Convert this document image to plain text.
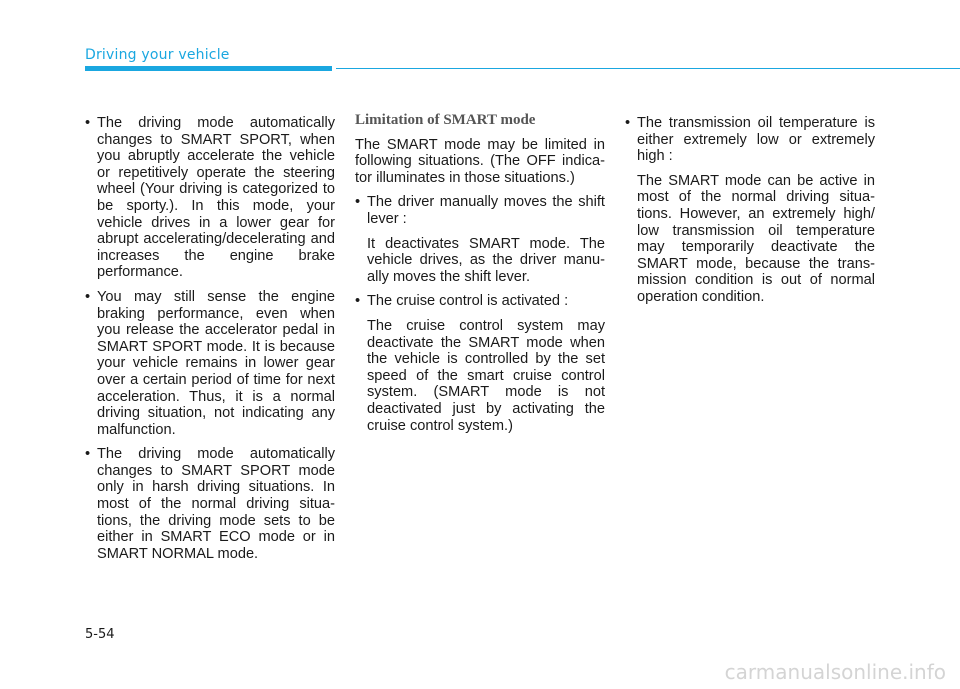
Driving your vehicle
• The driving mode automatically changes to SMART SPORT, when you abruptly accelerate the vehicle or repetitively operate the steering wheel (Your driving is categorized to be sporty.). In this mode, your vehicle drives in a lower gear for abrupt accelerating/decelerating and increases the engine brake performance.
• You may still sense the engine braking performance, even when you release the accelerator pedal in SMART SPORT mode. It is because your vehicle remains in lower gear over a certain period of time for next acceleration. Thus, it is a normal driving situation, not indicating any malfunction.
• The driving mode automatically changes to SMART SPORT mode only in harsh driving situations. In most of the normal driving situa-tions, the driving mode sets to be either in SMART ECO mode or in SMART NORMAL mode.
Limitation of SMART mode
The SMART mode may be limited in following situations. (The OFF indica-tor illuminates in those situations.)
• The driver manually moves the shift lever :
It deactivates SMART mode. The vehicle drives, as the driver manu-ally moves the shift lever.
• The cruise control is activated :
The cruise control system may deactivate the SMART mode when the vehicle is controlled by the set speed of the smart cruise control system. (SMART mode is not deactivated just by activating the cruise control system.)
• The transmission oil temperature is either extremely low or extremely high :
The SMART mode can be active in most of the normal driving situa-tions. However, an extremely high/ low transmission oil temperature may temporarily deactivate the SMART mode, because the trans-mission condition is out of normal operation condition.
5-54
carmanualsonline.info
